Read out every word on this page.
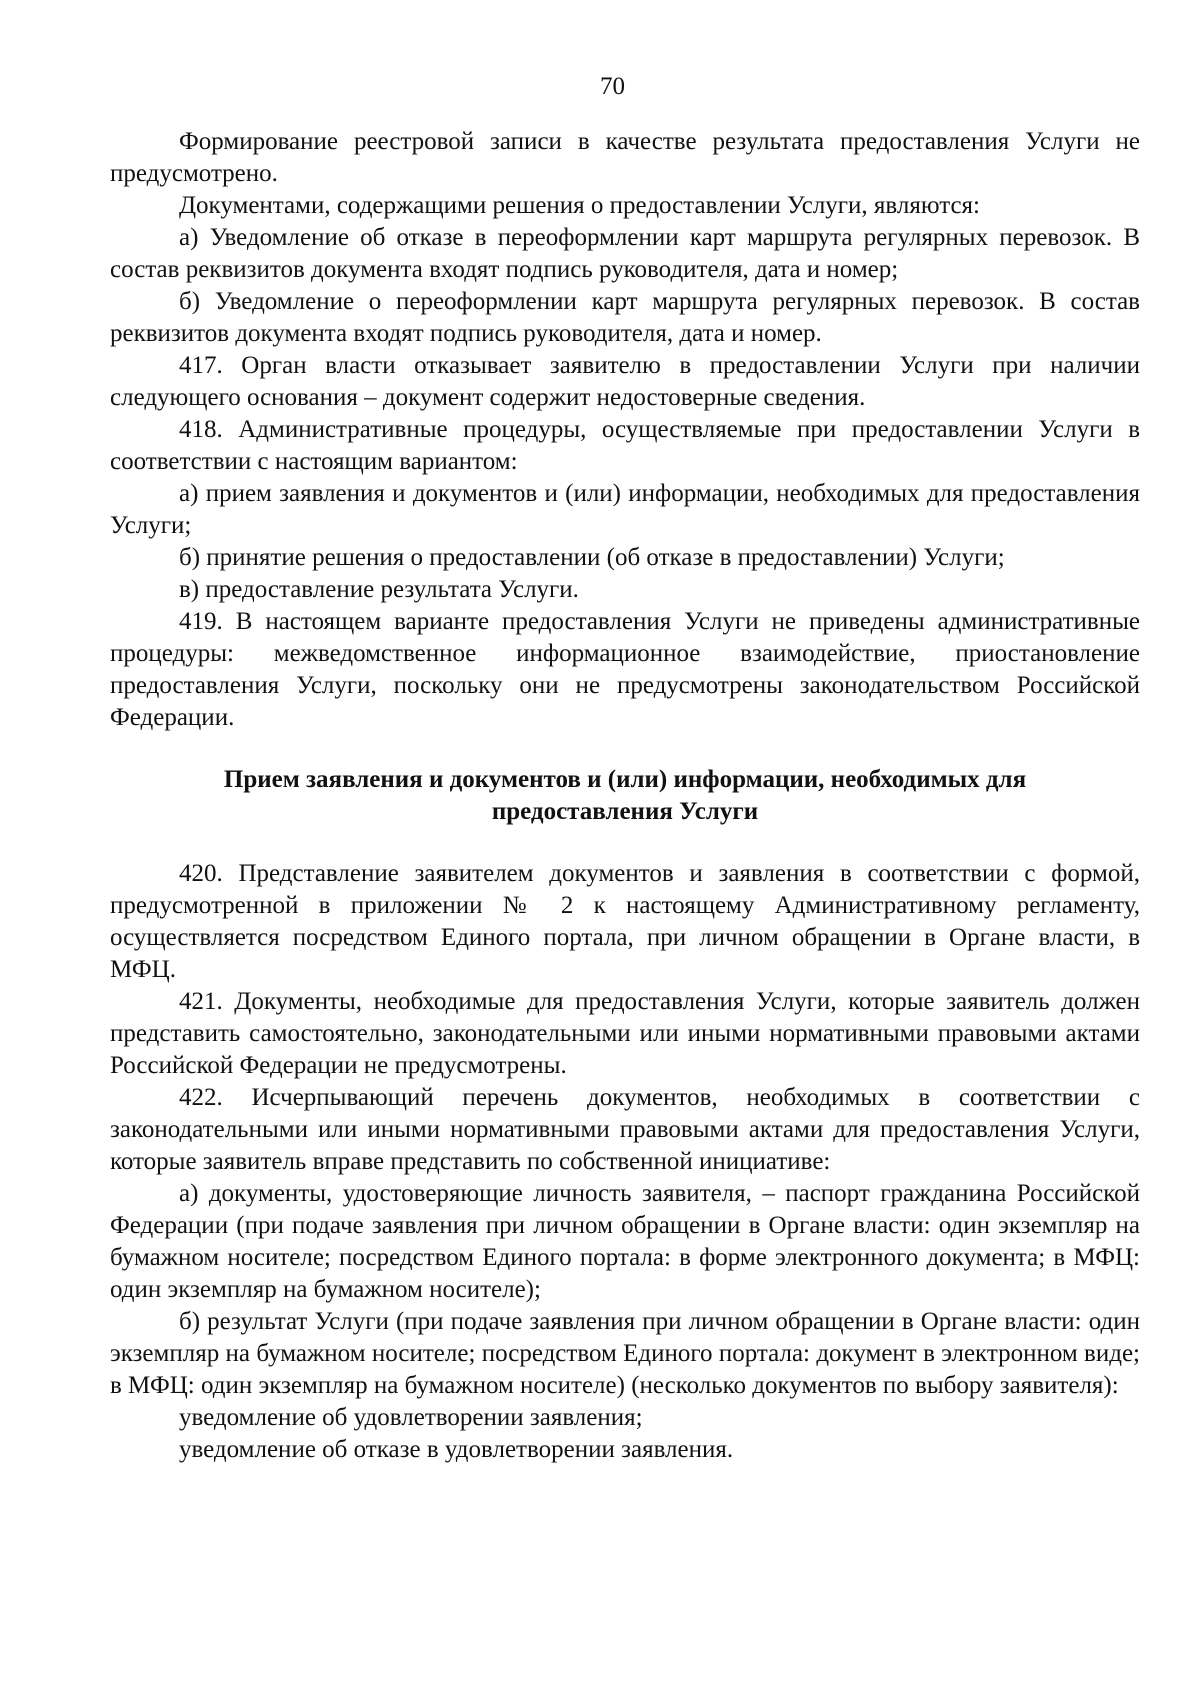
70

Формирование реестровой записи в качестве результата предоставления Услуги не предусмотрено.

Документами, содержащими решения о предоставлении Услуги, являются:

а) Уведомление об отказе в переоформлении карт маршрута регулярных перевозок. В состав реквизитов документа входят подпись руководителя, дата и номер;

б) Уведомление о переоформлении карт маршрута регулярных перевозок. В состав реквизитов документа входят подпись руководителя, дата и номер.

417. Орган власти отказывает заявителю в предоставлении Услуги при наличии следующего основания – документ содержит недостоверные сведения.

418. Административные процедуры, осуществляемые при предоставлении Услуги в соответствии с настоящим вариантом:

а) прием заявления и документов и (или) информации, необходимых для предоставления Услуги;

б) принятие решения о предоставлении (об отказе в предоставлении) Услуги;

в) предоставление результата Услуги.

419. В настоящем варианте предоставления Услуги не приведены административные процедуры: межведомственное информационное взаимодействие, приостановление предоставления Услуги, поскольку они не предусмотрены законодательством Российской Федерации.

Прием заявления и документов и (или) информации, необходимых для предоставления Услуги

420. Представление заявителем документов и заявления в соответствии с формой, предусмотренной в приложении № 2 к настоящему Административному регламенту, осуществляется посредством Единого портала, при личном обращении в Органе власти, в МФЦ.

421. Документы, необходимые для предоставления Услуги, которые заявитель должен представить самостоятельно, законодательными или иными нормативными правовыми актами Российской Федерации не предусмотрены.

422. Исчерпывающий перечень документов, необходимых в соответствии с законодательными или иными нормативными правовыми актами для предоставления Услуги, которые заявитель вправе представить по собственной инициативе:

а) документы, удостоверяющие личность заявителя, – паспорт гражданина Российской Федерации (при подаче заявления при личном обращении в Органе власти: один экземпляр на бумажном носителе; посредством Единого портала: в форме электронного документа; в МФЦ: один экземпляр на бумажном носителе);

б) результат Услуги (при подаче заявления при личном обращении в Органе власти: один экземпляр на бумажном носителе; посредством Единого портала: документ в электронном виде; в МФЦ: один экземпляр на бумажном носителе) (несколько документов по выбору заявителя):

уведомление об удовлетворении заявления;

уведомление об отказе в удовлетворении заявления.
